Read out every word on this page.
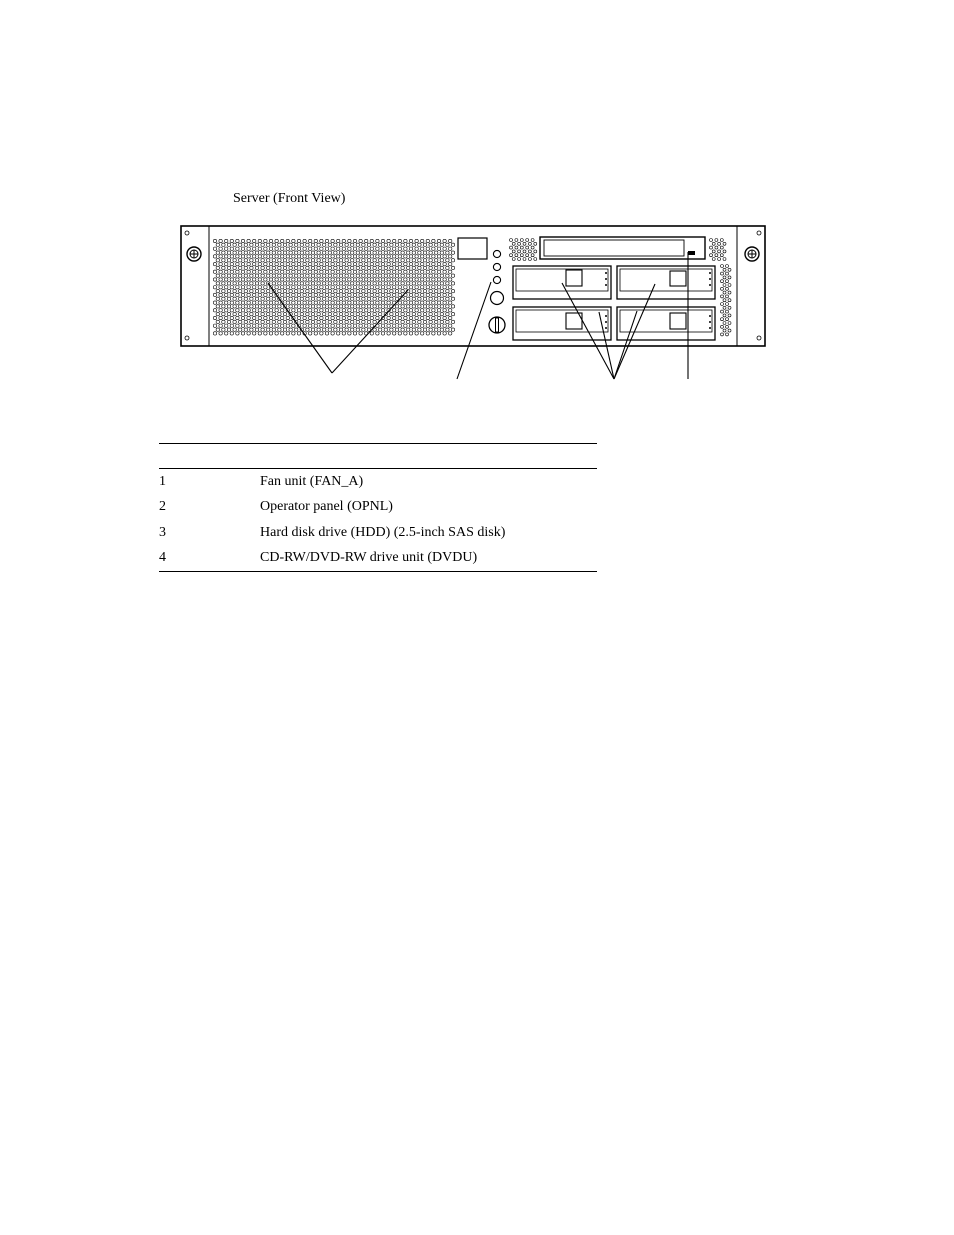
Server (Front View)

1	Fan unit (FAN_A)
2	Operator panel (OPNL)
3	Hard disk drive (HDD) (2.5-inch SAS disk)
4	CD-RW/DVD-RW drive unit (DVDU)
